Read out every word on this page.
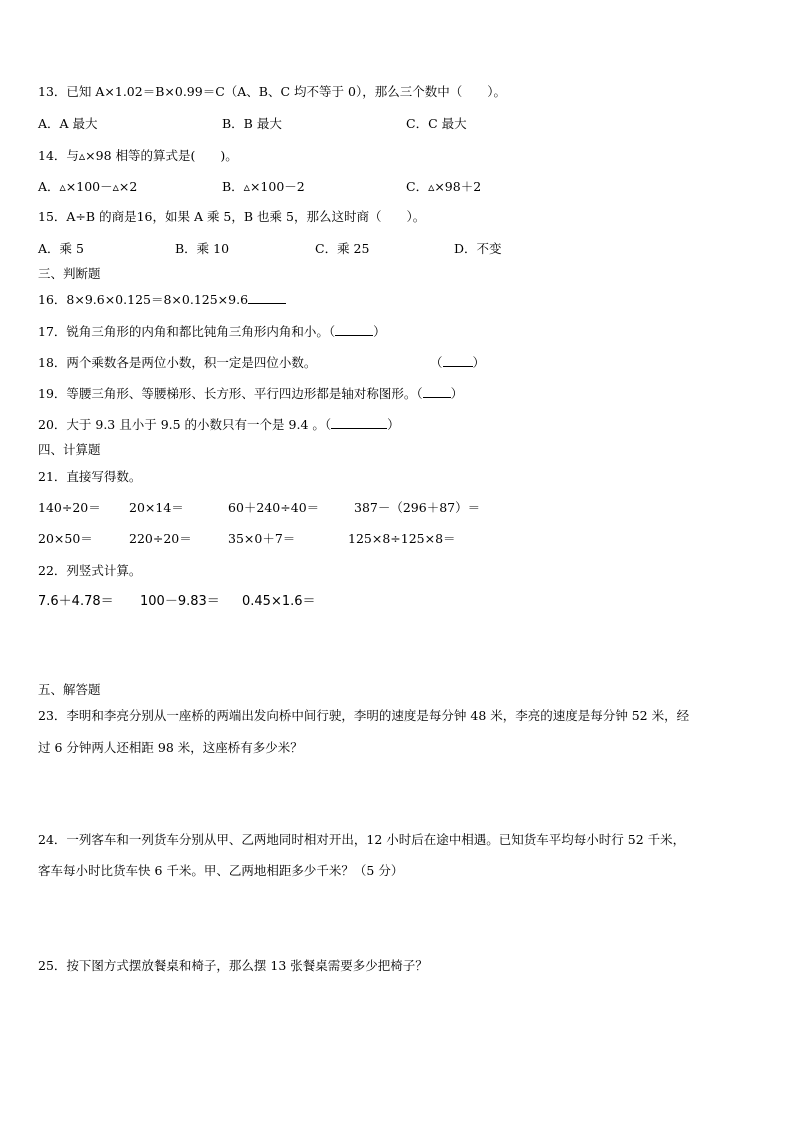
13．已知 A×1.02＝B×0.99＝C（A、B、C 均不等于 0），那么三个数中（　　）。
A．A 最大	B．B 最大	C．C 最大
14．与▵×98 相等的算式是(　　)。
A．▵×100－▵×2	B．▵×100－2	C．▵×98＋2
15．A÷B 的商是16，如果 A 乘 5，B 也乘 5，那么这时商（　　）。
A．乘 5	B．乘 10	C．乘 25	D．不变
三、判断题
16．8×9.6×0.125＝8×0.125×9.6
17．锐角三角形的内角和都比钝角三角形内角和小。（	）
18．两个乘数各是两位小数，积一定是四位小数。	（ ）
19．等腰三角形、等腰梯形、长方形、平行四边形都是轴对称图形。（ ）
20．大于 9.3 且小于 9.5 的小数只有一个是 9.4 。（	）
四、计算题
21．直接写得数。
140÷20＝ 20×14＝	60＋240÷40＝	387－（296＋87）＝
20×50＝	220÷20＝	35×0＋7＝	125×8÷125×8＝
22．列竖式计算。
7.6＋4.78＝ 100－9.83＝ 0.45×1.6＝
五、解答题
23．李明和李亮分别从一座桥的两端出发向桥中间行驶，李明的速度是每分钟 48 米，李亮的速度是每分钟 52 米，经
过 6 分钟两人还相距 98 米，这座桥有多少米？
24．一列客车和一列货车分别从甲、乙两地同时相对开出，12 小时后在途中相遇。已知货车平均每小时行 52 千米，
客车每小时比货车快 6 千米。甲、乙两地相距多少千米？（5 分）
25．按下图方式摆放餐桌和椅子，那么摆 13 张餐桌需要多少把椅子？
